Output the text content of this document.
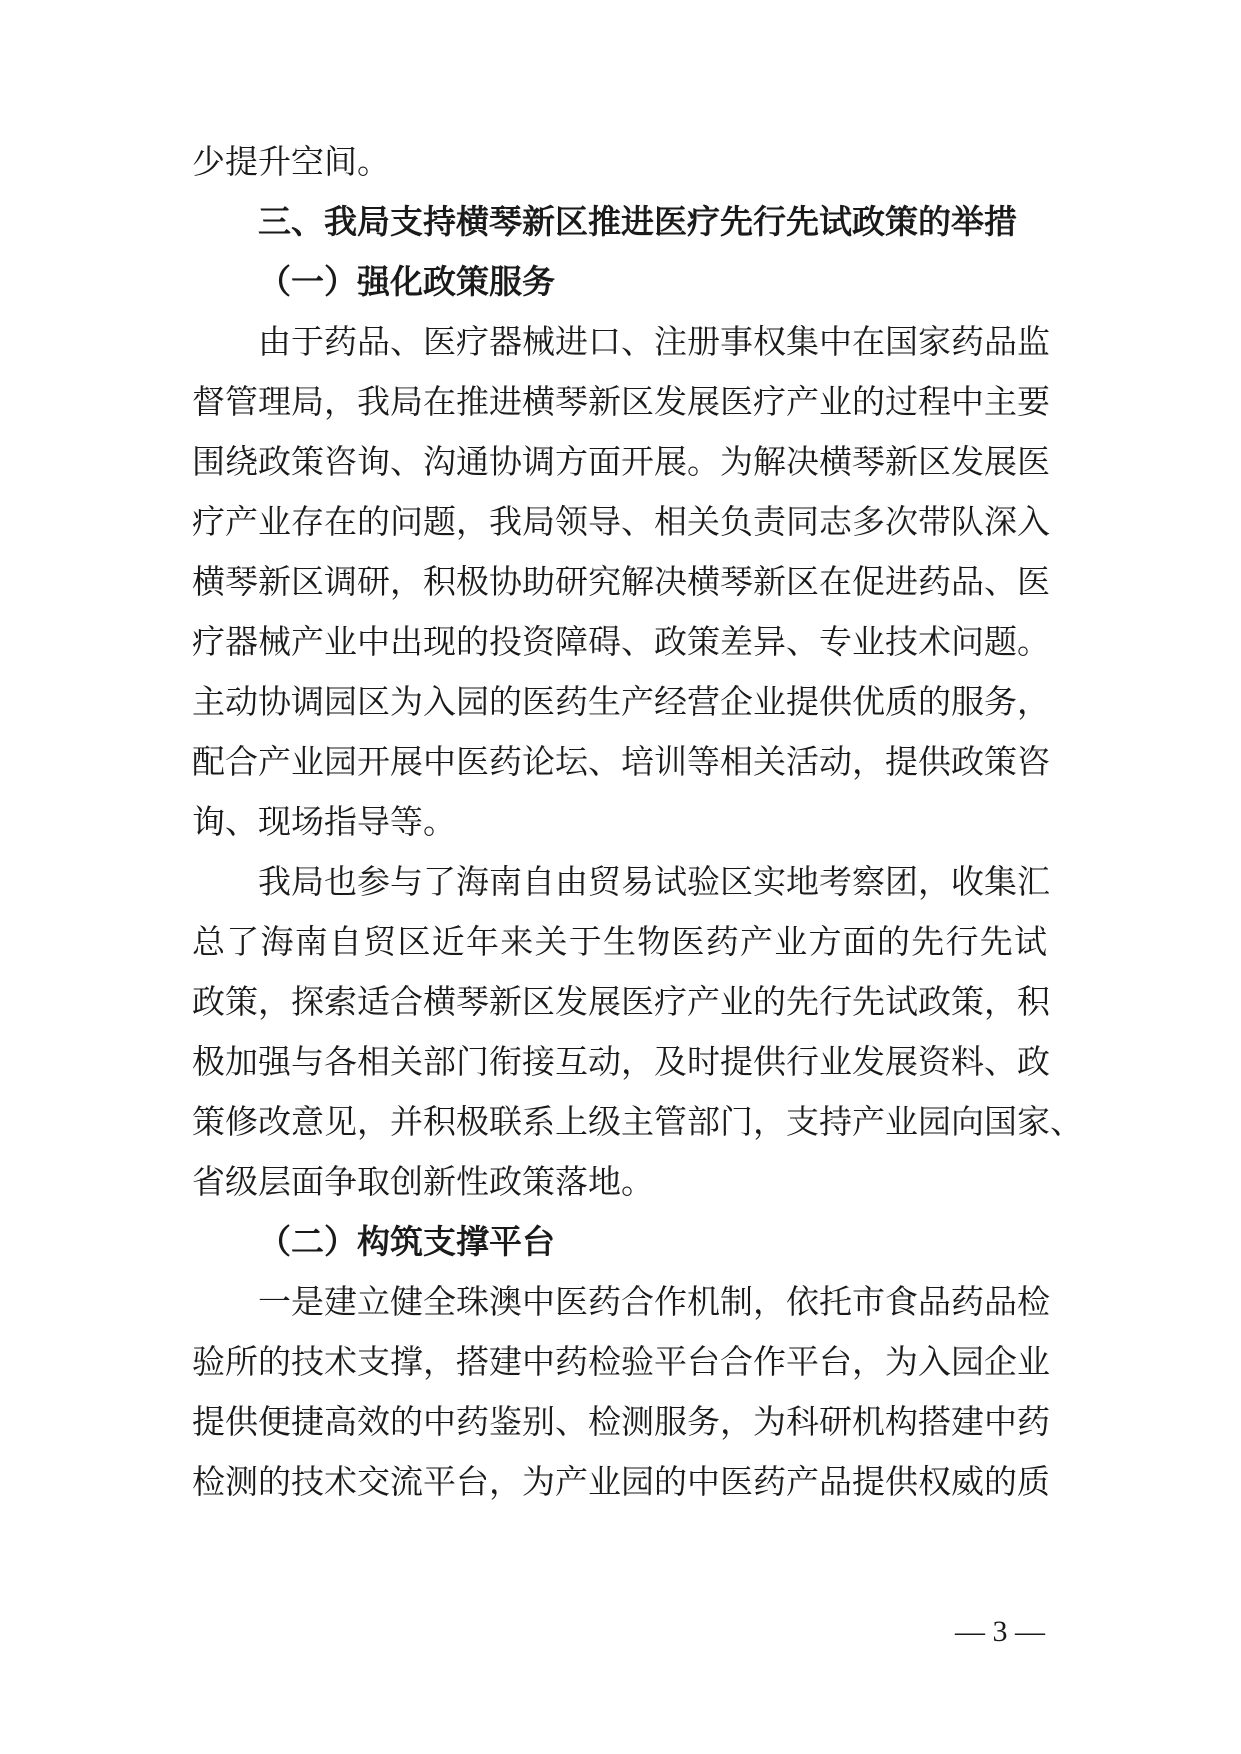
少提升空间。
三、我局支持横琴新区推进医疗先行先试政策的举措
（一）强化政策服务
由于药品、医疗器械进口、注册事权集中在国家药品监
督管理局，我局在推进横琴新区发展医疗产业的过程中主要
围绕政策咨询、沟通协调方面开展。为解决横琴新区发展医
疗产业存在的问题，我局领导、相关负责同志多次带队深入
横琴新区调研，积极协助研究解决横琴新区在促进药品、医
疗器械产业中出现的投资障碍、政策差异、专业技术问题。
主动协调园区为入园的医药生产经营企业提供优质的服务，
配合产业园开展中医药论坛、培训等相关活动，提供政策咨
询、现场指导等。
我局也参与了海南自由贸易试验区实地考察团，收集汇
总了海南自贸区近年来关于生物医药产业方面的先行先试
政策，探索适合横琴新区发展医疗产业的先行先试政策，积
极加强与各相关部门衔接互动，及时提供行业发展资料、政
策修改意见，并积极联系上级主管部门，支持产业园向国家、
省级层面争取创新性政策落地。
（二）构筑支撑平台
一是建立健全珠澳中医药合作机制，依托市食品药品检
验所的技术支撑，搭建中药检验平台合作平台，为入园企业
提供便捷高效的中药鉴别、检测服务，为科研机构搭建中药
检测的技术交流平台，为产业园的中医药产品提供权威的质
— 3 —
